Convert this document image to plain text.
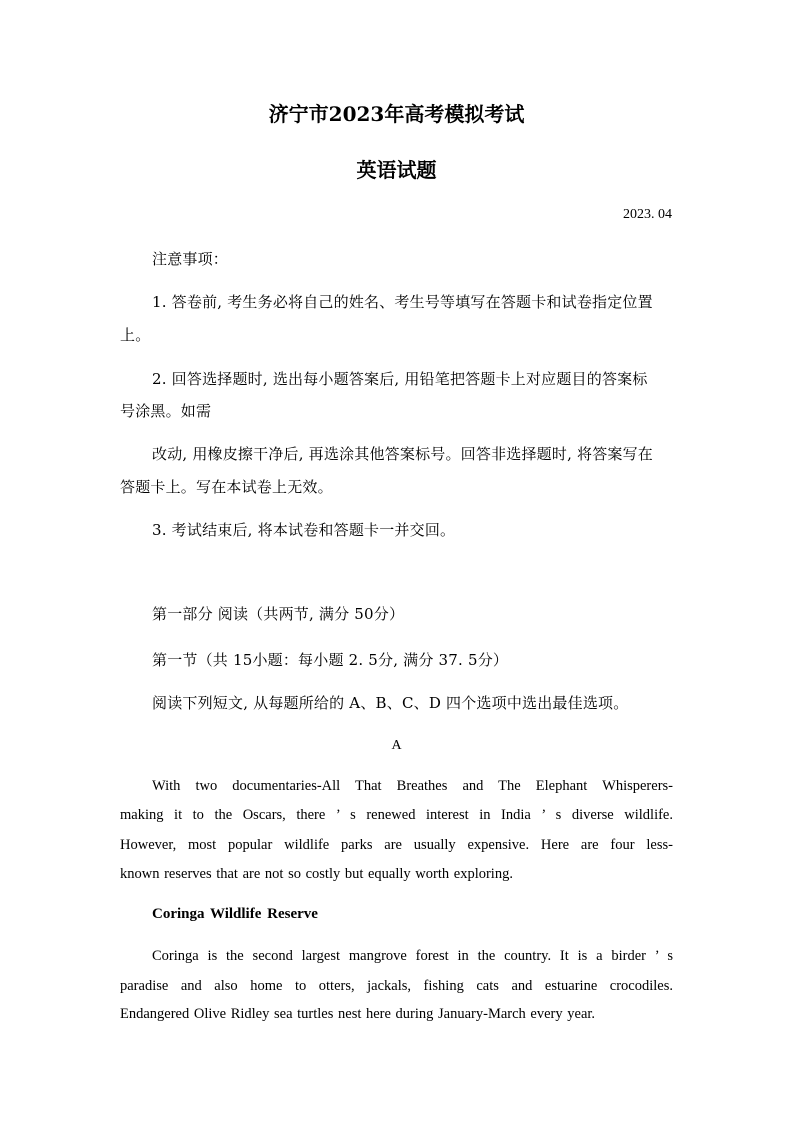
济宁市2023年高考模拟考试
英语试题
2023. 04
注意事项：
1. 答卷前, 考生务必将自己的姓名、考生号等填写在答题卡和试卷指定位置
上。
2. 回答选择题时, 选出每小题答案后, 用铅笔把答题卡上对应题目的答案标
号涂黑。如需
改动, 用橡皮擦干净后, 再选涂其他答案标号。回答非选择题时, 将答案写在
答题卡上。写在本试卷上无效。
3. 考试结束后, 将本试卷和答题卡一并交回。
第一部分 阅读（共两节, 满分 50分）
第一节（共 15小题：每小题 2. 5分, 满分 37. 5分）
阅读下列短文, 从每题所给的 A、B、C、D 四个选项中选出最佳选项。
A
With two documentaries-All That Breathes and The Elephant Whisperers-
making it to the Oscars, there ’ s renewed interest in India ’ s diverse wildlife.
However, most popular wildlife parks are usually expensive. Here are four less-
known reserves that are not so costly but equally worth exploring.
Coringa Wildlife Reserve
Coringa is the second largest mangrove forest in the country. It is a birder ’ s
paradise and also home to otters, jackals, fishing cats and estuarine crocodiles.
Endangered Olive Ridley sea turtles nest here during January-March every year.
